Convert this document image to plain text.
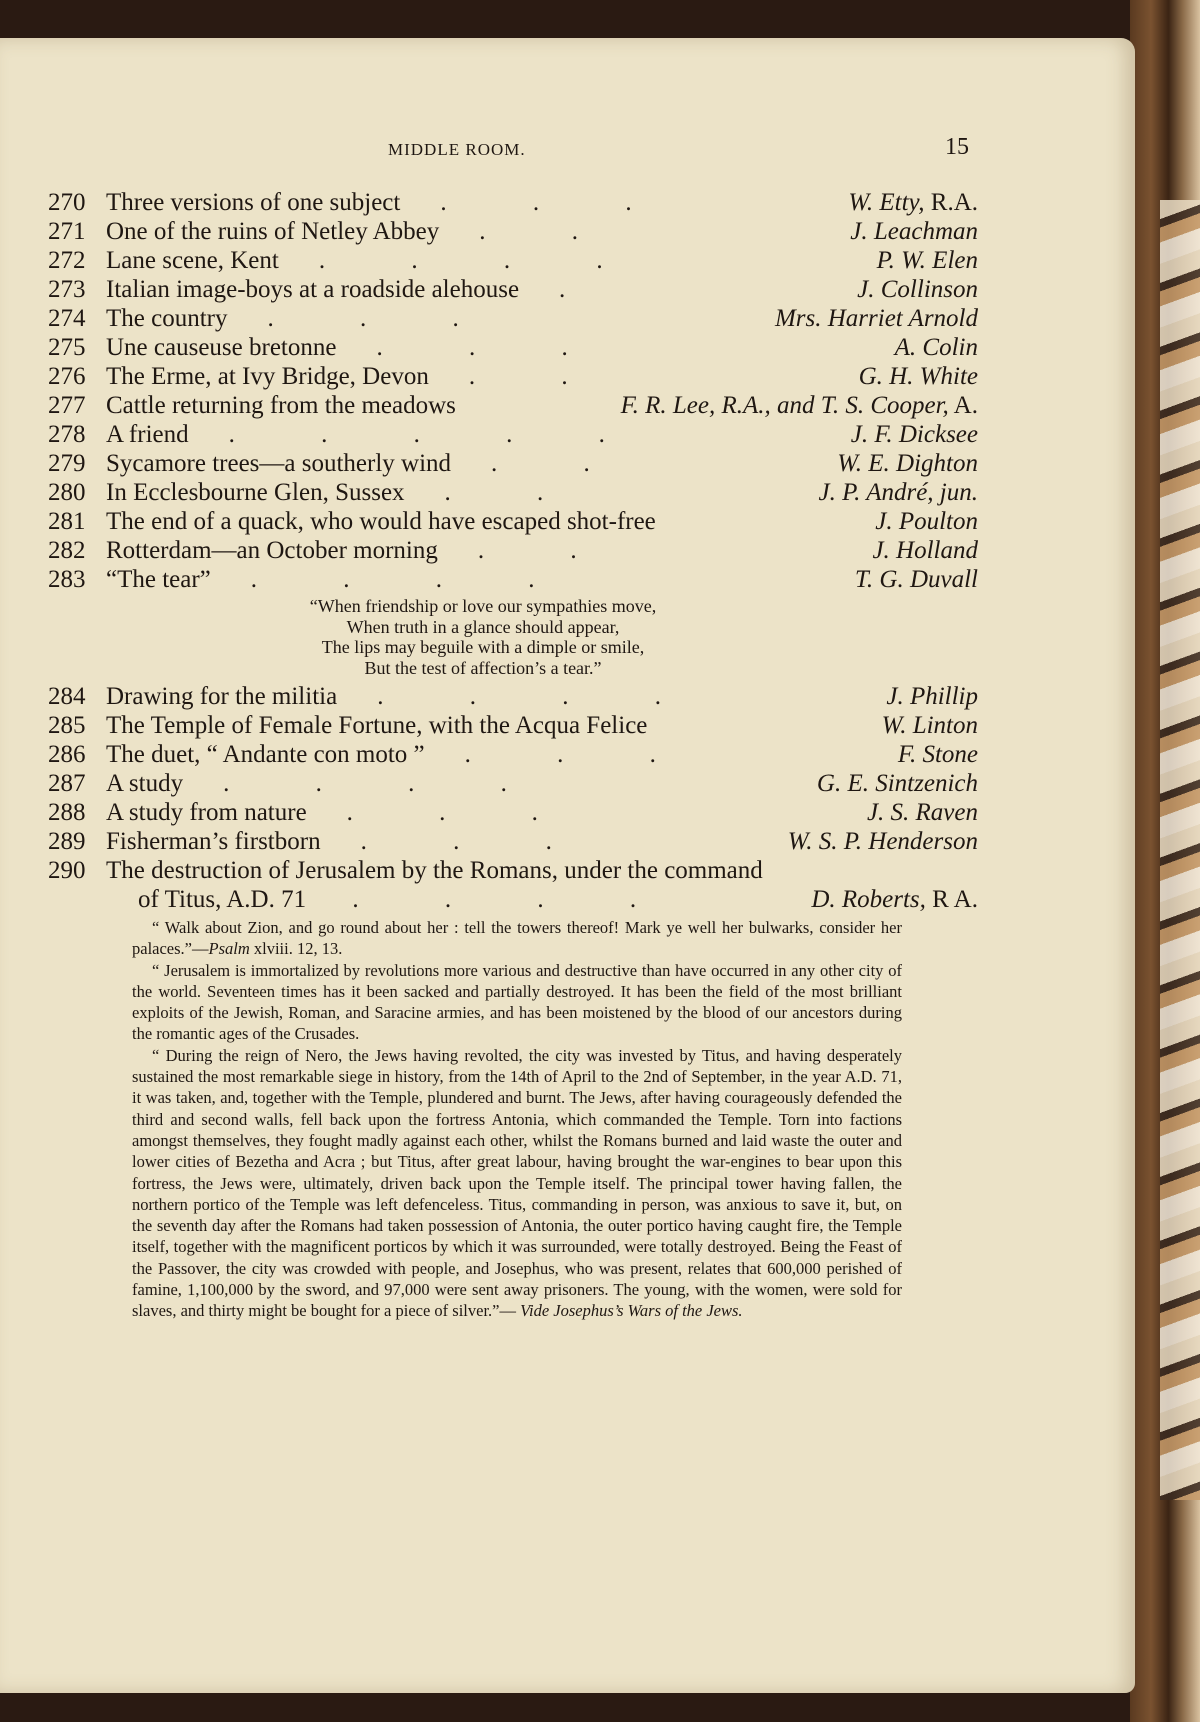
MIDDLE ROOM.	15
270 Three versions of one subject . . .	W. Etty, R.A.
271 One of the ruins of Netley Abbey . .	J. Leachman
272 Lane scene, Kent . . . .	P. W. Elen
273 Italian image-boys at a roadside alehouse .	J. Collinson
274 The country . . .	Mrs. Harriet Arnold
275 Une causeuse bretonne . . .	A. Colin
276 The Erme, at Ivy Bridge, Devon . .	G. H. White
277 Cattle returning from the meadows	F. R. Lee, R.A., and T. S. Cooper, A.
278 A friend . . . . .	J. F. Dicksee
279 Sycamore trees—a southerly wind . .	W. E. Dighton
280 In Ecclesbourne Glen, Sussex . .	J. P. André, jun.
281 The end of a quack, who would have escaped shot-free	J. Poulton
282 Rotterdam—an October morning . .	J. Holland
283 “The tear” . . . .	T. G. Duvall
“When friendship or love our sympathies move,
When truth in a glance should appear,
The lips may beguile with a dimple or smile,
But the test of affection’s a tear.”
284 Drawing for the militia . . . .	J. Phillip
285 The Temple of Female Fortune, with the Acqua Felice	W. Linton
286 The duet, “ Andante con moto ” . . .	F. Stone
287 A study . . . .	G. E. Sintzenich
288 A study from nature . . .	J. S. Raven
289 Fisherman’s firstborn . . .	W. S. P. Henderson
290 The destruction of Jerusalem by the Romans, under the command
of Titus, A.D. 71 . . . .	D. Roberts, R A.

“ Walk about Zion, and go round about her : tell the towers thereof! Mark ye well her bulwarks, consider her palaces.”—Psalm xlviii. 12, 13.

“ Jerusalem is immortalized by revolutions more various and destructive than have occurred in any other city of the world. Seventeen times has it been sacked and partially destroyed. It has been the field of the most brilliant exploits of the Jewish, Roman, and Saracine armies, and has been moistened by the blood of our ancestors during the romantic ages of the Crusades.

“ During the reign of Nero, the Jews having revolted, the city was invested by Titus, and having desperately sustained the most remarkable siege in history, from the 14th of April to the 2nd of September, in the year A.D. 71, it was taken, and, together with the Temple, plundered and burnt. The Jews, after having courageously defended the third and second walls, fell back upon the fortress Antonia, which commanded the Temple. Torn into factions amongst themselves, they fought madly against each other, whilst the Romans burned and laid waste the outer and lower cities of Bezetha and Acra ; but Titus, after great labour, having brought the war-engines to bear upon this fortress, the Jews were, ultimately, driven back upon the Temple itself. The principal tower having fallen, the northern portico of the Temple was left defenceless. Titus, commanding in person, was anxious to save it, but, on the seventh day after the Romans had taken possession of Antonia, the outer portico having caught fire, the Temple itself, together with the magnificent porticos by which it was surrounded, were totally destroyed. Being the Feast of the Passover, the city was crowded with people, and Josephus, who was present, relates that 600,000 perished of famine, 1,100,000 by the sword, and 97,000 were sent away prisoners. The young, with the women, were sold for slaves, and thirty might be bought for a piece of silver.”— Vide Josephus’s Wars of the Jews.
